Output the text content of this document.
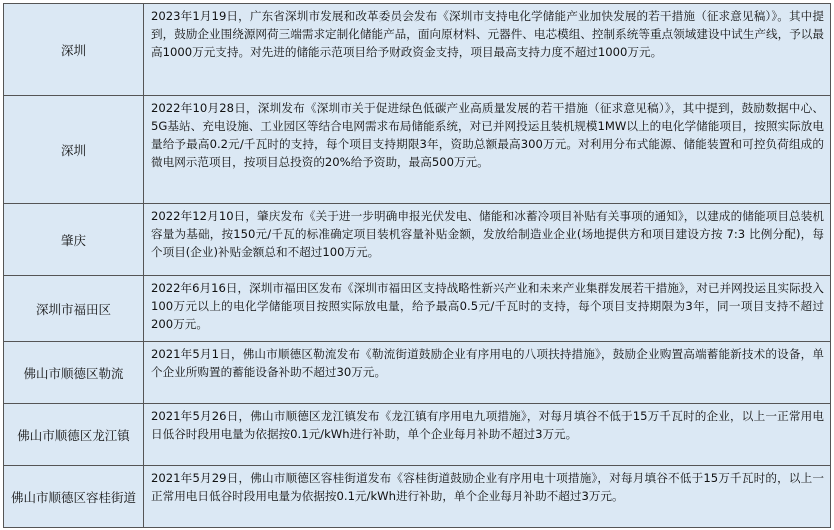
深圳	2023年1月19日，广东省深圳市发展和改革委员会发布《深圳市支持电化学储能产业加快发展的若干措施（征求意见稿）》。其中提到，鼓励企业围绕源网荷三端需求定制化储能产品，面向原材料、元器件、电芯模组、控制系统等重点领域建设中试生产线，予以最高1000万元支持。对先进的储能示范项目给予财政资金支持，项目最高支持力度不超过1000万元。
深圳	2022年10月28日，深圳发布《深圳市关于促进绿色低碳产业高质量发展的若干措施（征求意见稿）》，其中提到，鼓励数据中心、5G基站、充电设施、工业园区等结合电网需求布局储能系统，对已并网投运且装机规模1MW以上的电化学储能项目，按照实际放电量给予最高0.2元/千瓦时的支持，每个项目支持期限3年，资助总额最高300万元。对利用分布式能源、储能装置和可控负荷组成的微电网示范项目，按项目总投资的20%给予资助，最高500万元。
肇庆	2022年12月10日，肇庆发布《关于进一步明确申报光伏发电、储能和冰蓄冷项目补贴有关事项的通知》，以建成的储能项目总装机容量为基础，按150元/千瓦的标准确定项目装机容量补贴金额，发放给制造业企业(场地提供方和项目建设方按 7:3 比例分配)，每个项目(企业)补贴金额总和不超过100万元。
深圳市福田区	2022年6月16日，深圳市福田区发布《深圳市福田区支持战略性新兴产业和未来产业集群发展若干措施》，对已并网投运且实际投入100万元以上的电化学储能项目按照实际放电量，给予最高0.5元/千瓦时的支持，每个项目支持期限为3年，同一项目支持不超过200万元。
佛山市顺德区勒流	2021年5月1日，佛山市顺德区勒流发布《勒流街道鼓励企业有序用电的八项扶持措施》，鼓励企业购置高端蓄能新技术的设备，单个企业所购置的蓄能设备补助不超过30万元。
佛山市顺德区龙江镇	2021年5月26日，佛山市顺德区龙江镇发布《龙江镇有序用电九项措施》，对每月填谷不低于15万千瓦时的企业，以上一正常用电日低谷时段用电量为依据按0.1元/kWh进行补助，单个企业每月补助不超过3万元。
佛山市顺德区容桂街道	2021年5月29日，佛山市顺德区容桂街道发布《容桂街道鼓励企业有序用电十项措施》，对每月填谷不低于15万千瓦时的，以上一正常用电日低谷时段用电量为依据按0.1元/kWh进行补助，单个企业每月补助不超过3万元。
